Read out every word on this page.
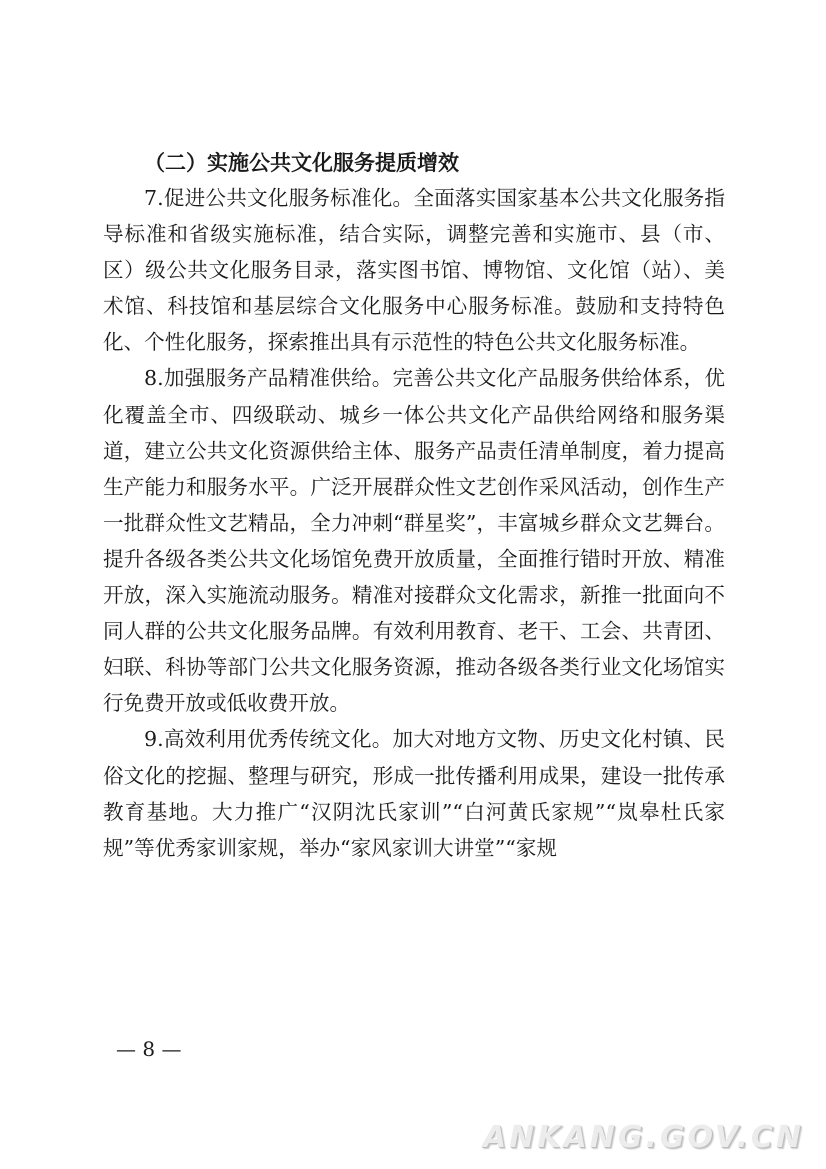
（二）实施公共文化服务提质增效

7.促进公共文化服务标准化。全面落实国家基本公共文化服务指导标准和省级实施标准，结合实际，调整完善和实施市、县（市、区）级公共文化服务目录，落实图书馆、博物馆、文化馆（站）、美术馆、科技馆和基层综合文化服务中心服务标准。鼓励和支持特色化、个性化服务，探索推出具有示范性的特色公共文化服务标准。

8.加强服务产品精准供给。完善公共文化产品服务供给体系，优化覆盖全市、四级联动、城乡一体公共文化产品供给网络和服务渠道，建立公共文化资源供给主体、服务产品责任清单制度，着力提高生产能力和服务水平。广泛开展群众性文艺创作采风活动，创作生产一批群众性文艺精品，全力冲刺“群星奖”，丰富城乡群众文艺舞台。提升各级各类公共文化场馆免费开放质量，全面推行错时开放、精准开放，深入实施流动服务。精准对接群众文化需求，新推一批面向不同人群的公共文化服务品牌。有效利用教育、老干、工会、共青团、妇联、科协等部门公共文化服务资源，推动各级各类行业文化场馆实行免费开放或低收费开放。

9.高效利用优秀传统文化。加大对地方文物、历史文化村镇、民俗文化的挖掘、整理与研究，形成一批传播利用成果，建设一批传承教育基地。大力推广“汉阴沈氏家训”“白河黄氏家规”“岚皋杜氏家规”等优秀家训家规，举办“家风家训大讲堂”“家规

— 8 —
ANKANG.GOV.CN
